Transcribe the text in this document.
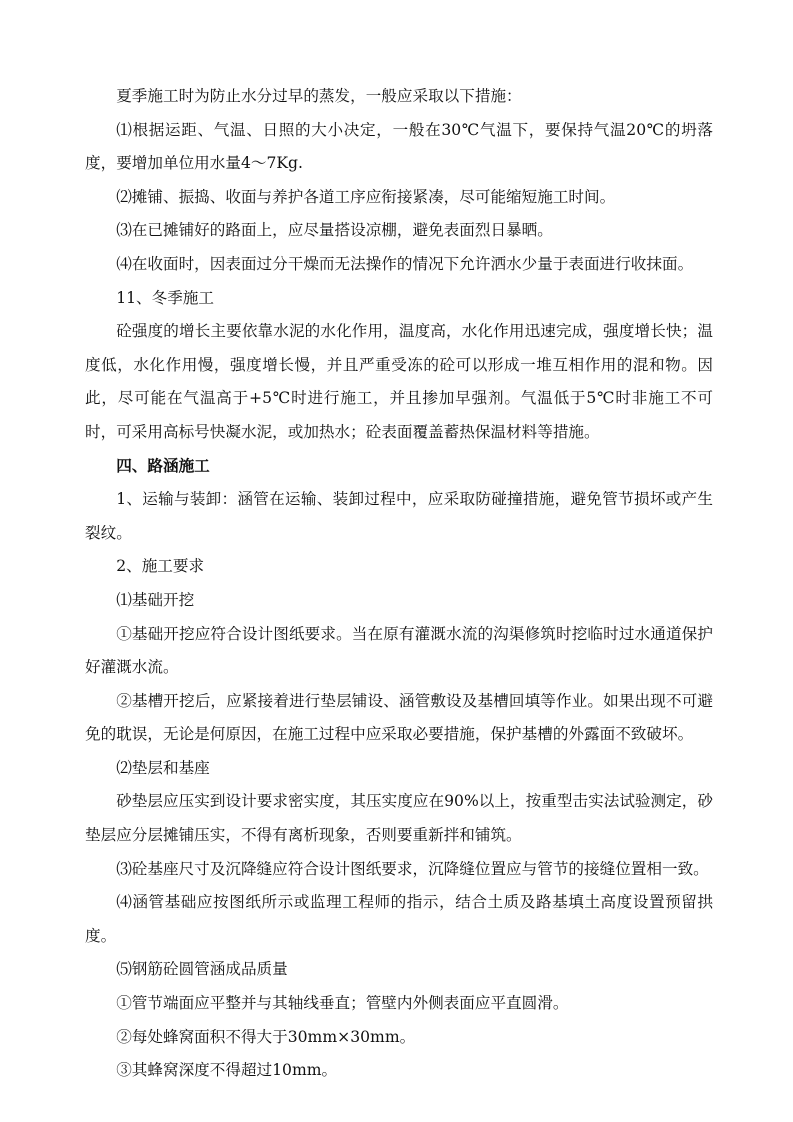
夏季施工时为防止水分过早的蒸发，一般应采取以下措施：

⑴根据运距、气温、日照的大小决定，一般在30℃气温下，要保持气温20℃的坍落度，要增加单位用水量4～7Kg.

⑵摊铺、振捣、收面与养护各道工序应衔接紧凑，尽可能缩短施工时间。

⑶在已摊铺好的路面上，应尽量搭设凉棚，避免表面烈日暴晒。

⑷在收面时，因表面过分干燥而无法操作的情况下允许洒水少量于表面进行收抹面。

11、冬季施工

砼强度的增长主要依靠水泥的水化作用，温度高，水化作用迅速完成，强度增长快；温度低，水化作用慢，强度增长慢，并且严重受冻的砼可以形成一堆互相作用的混和物。因此，尽可能在气温高于+5℃时进行施工，并且掺加早强剂。气温低于5℃时非施工不可时，可采用高标号快凝水泥，或加热水；砼表面覆盖蓄热保温材料等措施。

四、路涵施工

1、运输与装卸：涵管在运输、装卸过程中，应采取防碰撞措施，避免管节损坏或产生裂纹。

2、施工要求

⑴基础开挖

①基础开挖应符合设计图纸要求。当在原有灌溉水流的沟渠修筑时挖临时过水通道保护好灌溉水流。

②基槽开挖后，应紧接着进行垫层铺设、涵管敷设及基槽回填等作业。如果出现不可避免的耽误，无论是何原因，在施工过程中应采取必要措施，保护基槽的外露面不致破坏。

⑵垫层和基座

砂垫层应压实到设计要求密实度，其压实度应在90%以上，按重型击实法试验测定，砂垫层应分层摊铺压实，不得有离析现象，否则要重新拌和铺筑。

⑶砼基座尺寸及沉降缝应符合设计图纸要求，沉降缝位置应与管节的接缝位置相一致。

⑷涵管基础应按图纸所示或监理工程师的指示，结合土质及路基填土高度设置预留拱度。

⑸钢筋砼圆管涵成品质量

①管节端面应平整并与其轴线垂直；管壁内外侧表面应平直圆滑。

②每处蜂窝面积不得大于30mm×30mm。

③其蜂窝深度不得超过10mm。
